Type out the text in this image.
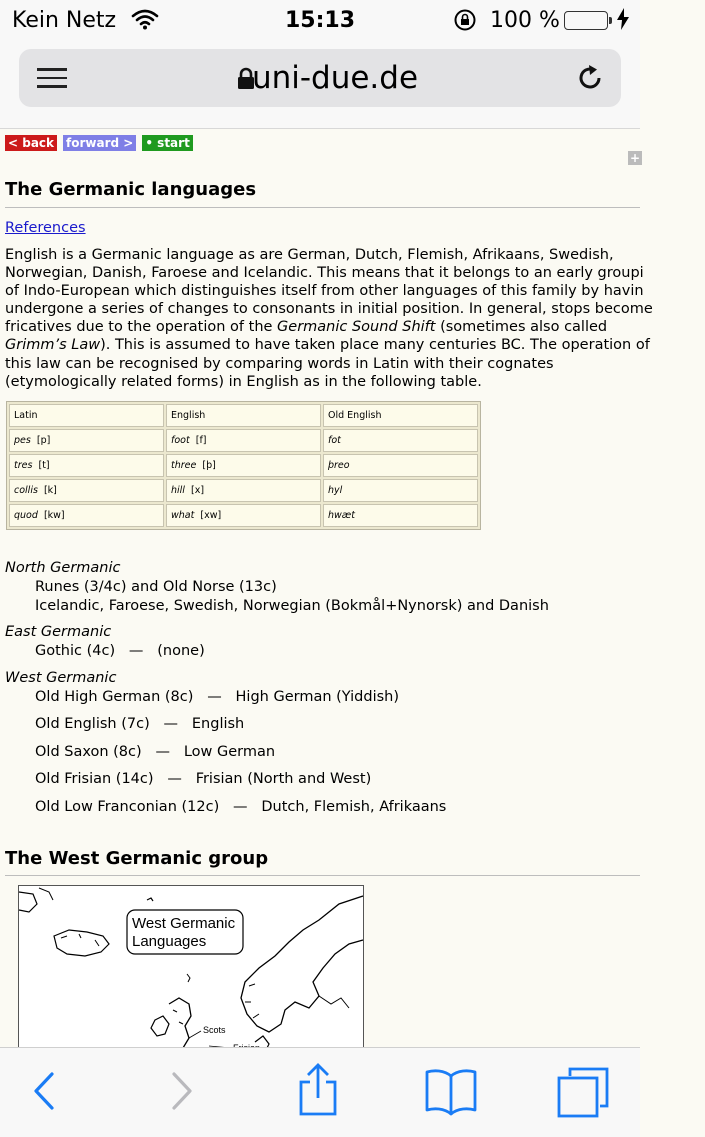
Kein Netz	15:13	100 %
uni-due.de
< back forward > • start
+
The Germanic languages
References
English is a Germanic language as are German, Dutch, Flemish, Afrikaans, Swedish,
Norwegian, Danish, Faroese and Icelandic. This means that it belongs to an early groupi
of Indo-European which distinguishes itself from other languages of this family by havin
undergone a series of changes to consonants in initial position. In general, stops become
fricatives due to the operation of the Germanic Sound Shift (sometimes also called
Grimm’s Law). This is assumed to have taken place many centuries BC. The operation of
this law can be recognised by comparing words in Latin with their cognates
(etymologically related forms) in English as in the following table.
Latin	English	Old English
pes [p]	foot [f]	fot
tres [t]	three [þ]	þreo
collis [k]	hill [x]	hyl
quod [kw]	what [xw]	hwæt
North Germanic
Runes (3/4c) and Old Norse (13c)
Icelandic, Faroese, Swedish, Norwegian (Bokmål+Nynorsk) and Danish
East Germanic
Gothic (4c)   —   (none)
West Germanic
Old High German (8c)   —   High German (Yiddish)
Old English (7c)   —   English
Old Saxon (8c)   —   Low German
Old Frisian (14c)   —   Frisian (North and West)
Old Low Franconian (12c)   —   Dutch, Flemish, Afrikaans
The West Germanic group
West Germanic
Languages
Scots
